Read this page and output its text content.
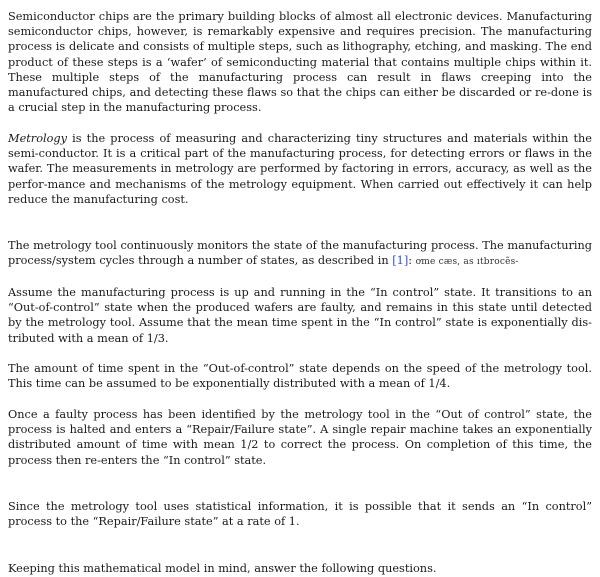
Semiconductor chips are the primary building blocks of almost all electronic devices. Manufacturing semiconductor chips, however, is remarkably expensive and requires precision. The manufacturing process is delicate and consists of multiple steps, such as lithography, etching, and masking. The end product of these steps is a ‘wafer’ of semiconducting material that contains multiple chips within it. These multiple steps of the manufacturing process can result in flaws creeping into the manufactured chips, and detecting these flaws so that the chips can either be discarded or re-done is a crucial step in the manufacturing process.

Metrology is the process of measuring and characterizing tiny structures and materials within the semi-conductor. It is a critical part of the manufacturing process, for detecting errors or flaws in the wafer. The measurements in metrology are performed by factoring in errors, accuracy, as well as the perfor-mance and mechanisms of the metrology equipment. When carried out effectively it can help reduce the manufacturing cost.

The metrology tool continuously monitors the state of the manufacturing process. The manufacturing process/system cycles through a number of states, as described in [1]: ơme cæs, as ıtbrocẽs-

Assume the manufacturing process is up and running in the “In control” state. It transitions to an “Out-of-control” state when the produced wafers are faulty, and remains in this state until detected by the metrology tool. Assume that the mean time spent in the “In control” state is exponentially dis-tributed with a mean of 1/3.

The amount of time spent in the “Out-of-control” state depends on the speed of the metrology tool. This time can be assumed to be exponentially distributed with a mean of 1/4.

Once a faulty process has been identified by the metrology tool in the “Out of control” state, the process is halted and enters a “Repair/Failure state”. A single repair machine takes an exponentially distributed amount of time with mean 1/2 to correct the process. On completion of this time, the process then re-enters the “In control” state.

Since the metrology tool uses statistical information, it is possible that it sends an “In control” process to the “Repair/Failure state” at a rate of 1.

Keeping this mathematical model in mind, answer the following questions.
